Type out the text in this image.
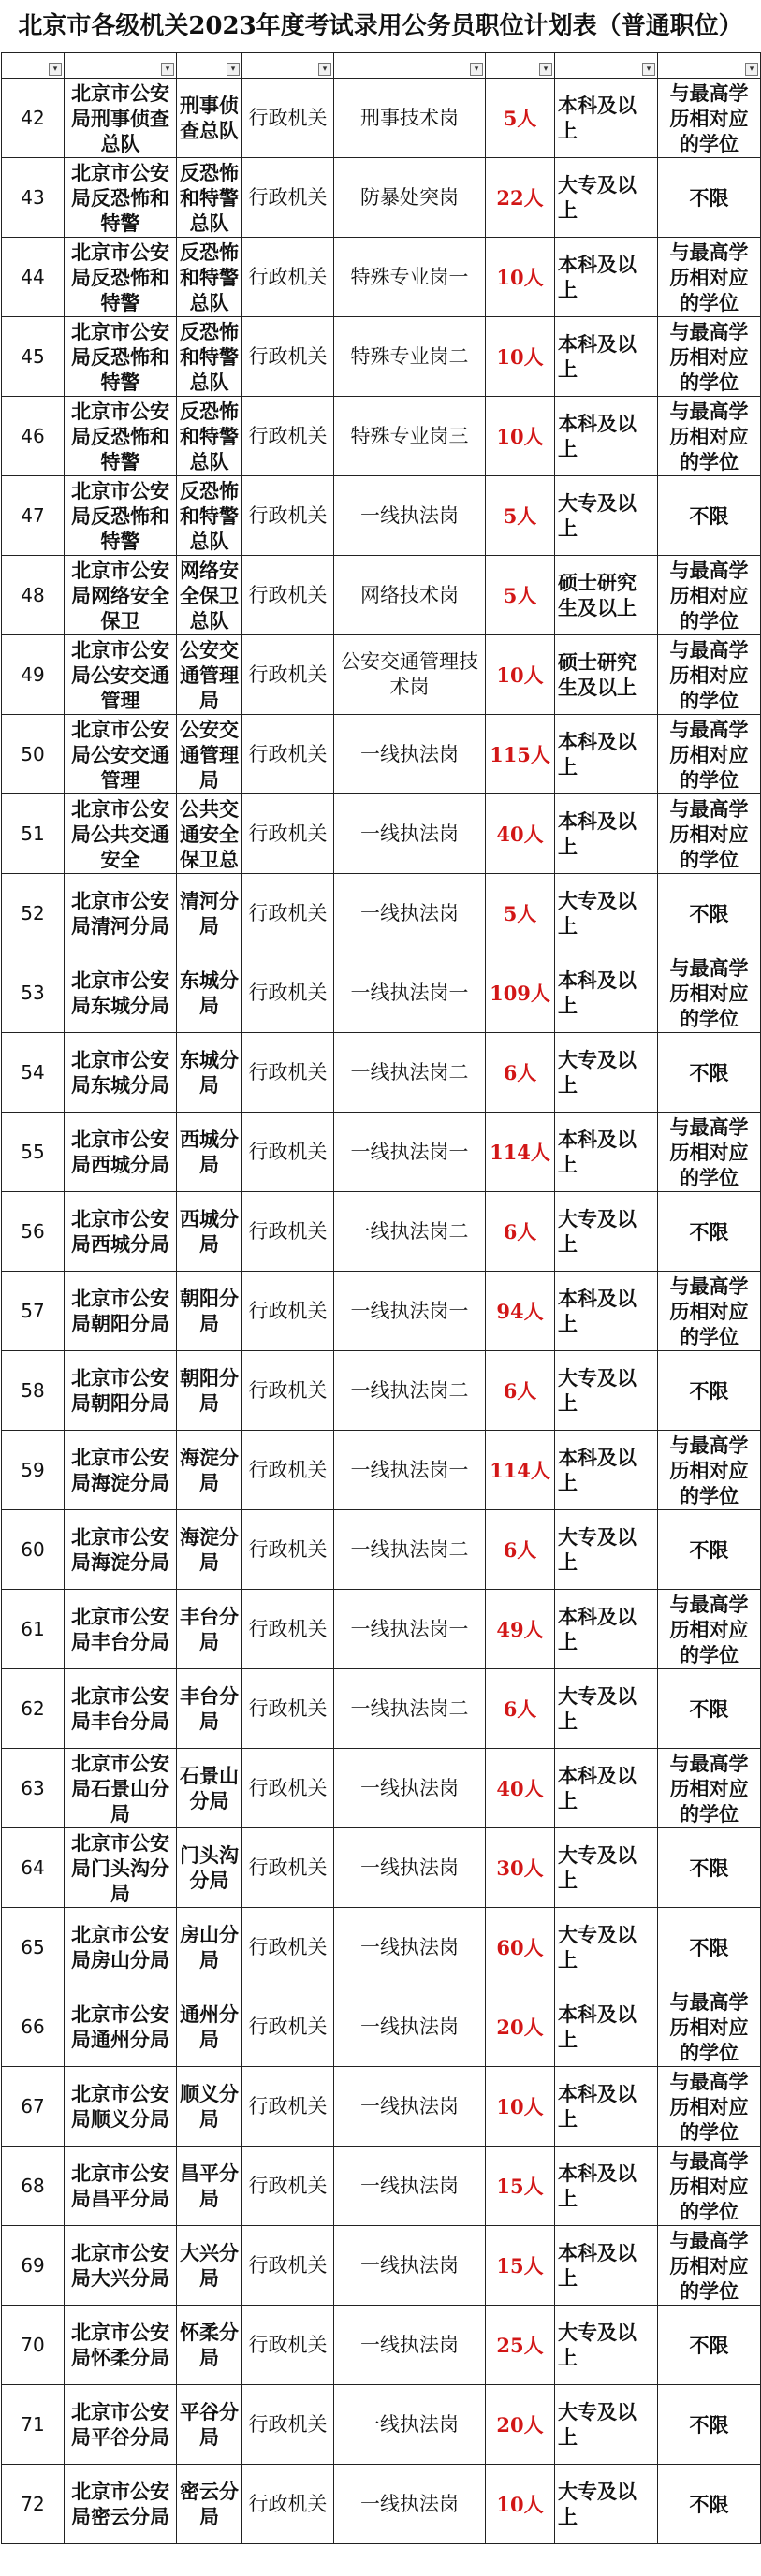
北京市各级机关2023年度考试录用公务员职位计划表（普通职位）
▾	▾	▾	▾	▾	▾	▾	▾

42	北京市公安局刑事侦查总队	刑事侦查总队	行政机关	刑事技术岗	5人	本科及以上	与最高学历相对应的学位
43	北京市公安局反恐怖和特警	反恐怖和特警总队	行政机关	防暴处突岗	22人	大专及以上	不限
44	北京市公安局反恐怖和特警	反恐怖和特警总队	行政机关	特殊专业岗一	10人	本科及以上	与最高学历相对应的学位
45	北京市公安局反恐怖和特警	反恐怖和特警总队	行政机关	特殊专业岗二	10人	本科及以上	与最高学历相对应的学位
46	北京市公安局反恐怖和特警	反恐怖和特警总队	行政机关	特殊专业岗三	10人	本科及以上	与最高学历相对应的学位
47	北京市公安局反恐怖和特警	反恐怖和特警总队	行政机关	一线执法岗	5人	大专及以上	不限
48	北京市公安局网络安全保卫	网络安全保卫总队	行政机关	网络技术岗	5人	硕士研究生及以上	与最高学历相对应的学位
49	北京市公安局公安交通管理	公安交通管理局	行政机关	公安交通管理技术岗	10人	硕士研究生及以上	与最高学历相对应的学位
50	北京市公安局公安交通管理	公安交通管理局	行政机关	一线执法岗	115人	本科及以上	与最高学历相对应的学位
51	北京市公安局公共交通安全	公共交通安全保卫总	行政机关	一线执法岗	40人	本科及以上	与最高学历相对应的学位
52	北京市公安局清河分局	清河分局	行政机关	一线执法岗	5人	大专及以上	不限
53	北京市公安局东城分局	东城分局	行政机关	一线执法岗一	109人	本科及以上	与最高学历相对应的学位
54	北京市公安局东城分局	东城分局	行政机关	一线执法岗二	6人	大专及以上	不限
55	北京市公安局西城分局	西城分局	行政机关	一线执法岗一	114人	本科及以上	与最高学历相对应的学位
56	北京市公安局西城分局	西城分局	行政机关	一线执法岗二	6人	大专及以上	不限
57	北京市公安局朝阳分局	朝阳分局	行政机关	一线执法岗一	94人	本科及以上	与最高学历相对应的学位
58	北京市公安局朝阳分局	朝阳分局	行政机关	一线执法岗二	6人	大专及以上	不限
59	北京市公安局海淀分局	海淀分局	行政机关	一线执法岗一	114人	本科及以上	与最高学历相对应的学位
60	北京市公安局海淀分局	海淀分局	行政机关	一线执法岗二	6人	大专及以上	不限
61	北京市公安局丰台分局	丰台分局	行政机关	一线执法岗一	49人	本科及以上	与最高学历相对应的学位
62	北京市公安局丰台分局	丰台分局	行政机关	一线执法岗二	6人	大专及以上	不限
63	北京市公安局石景山分局	石景山分局	行政机关	一线执法岗	40人	本科及以上	与最高学历相对应的学位
64	北京市公安局门头沟分局	门头沟分局	行政机关	一线执法岗	30人	大专及以上	不限
65	北京市公安局房山分局	房山分局	行政机关	一线执法岗	60人	大专及以上	不限
66	北京市公安局通州分局	通州分局	行政机关	一线执法岗	20人	本科及以上	与最高学历相对应的学位
67	北京市公安局顺义分局	顺义分局	行政机关	一线执法岗	10人	本科及以上	与最高学历相对应的学位
68	北京市公安局昌平分局	昌平分局	行政机关	一线执法岗	15人	本科及以上	与最高学历相对应的学位
69	北京市公安局大兴分局	大兴分局	行政机关	一线执法岗	15人	本科及以上	与最高学历相对应的学位
70	北京市公安局怀柔分局	怀柔分局	行政机关	一线执法岗	25人	大专及以上	不限
71	北京市公安局平谷分局	平谷分局	行政机关	一线执法岗	20人	大专及以上	不限
72	北京市公安局密云分局	密云分局	行政机关	一线执法岗	10人	大专及以上	不限
